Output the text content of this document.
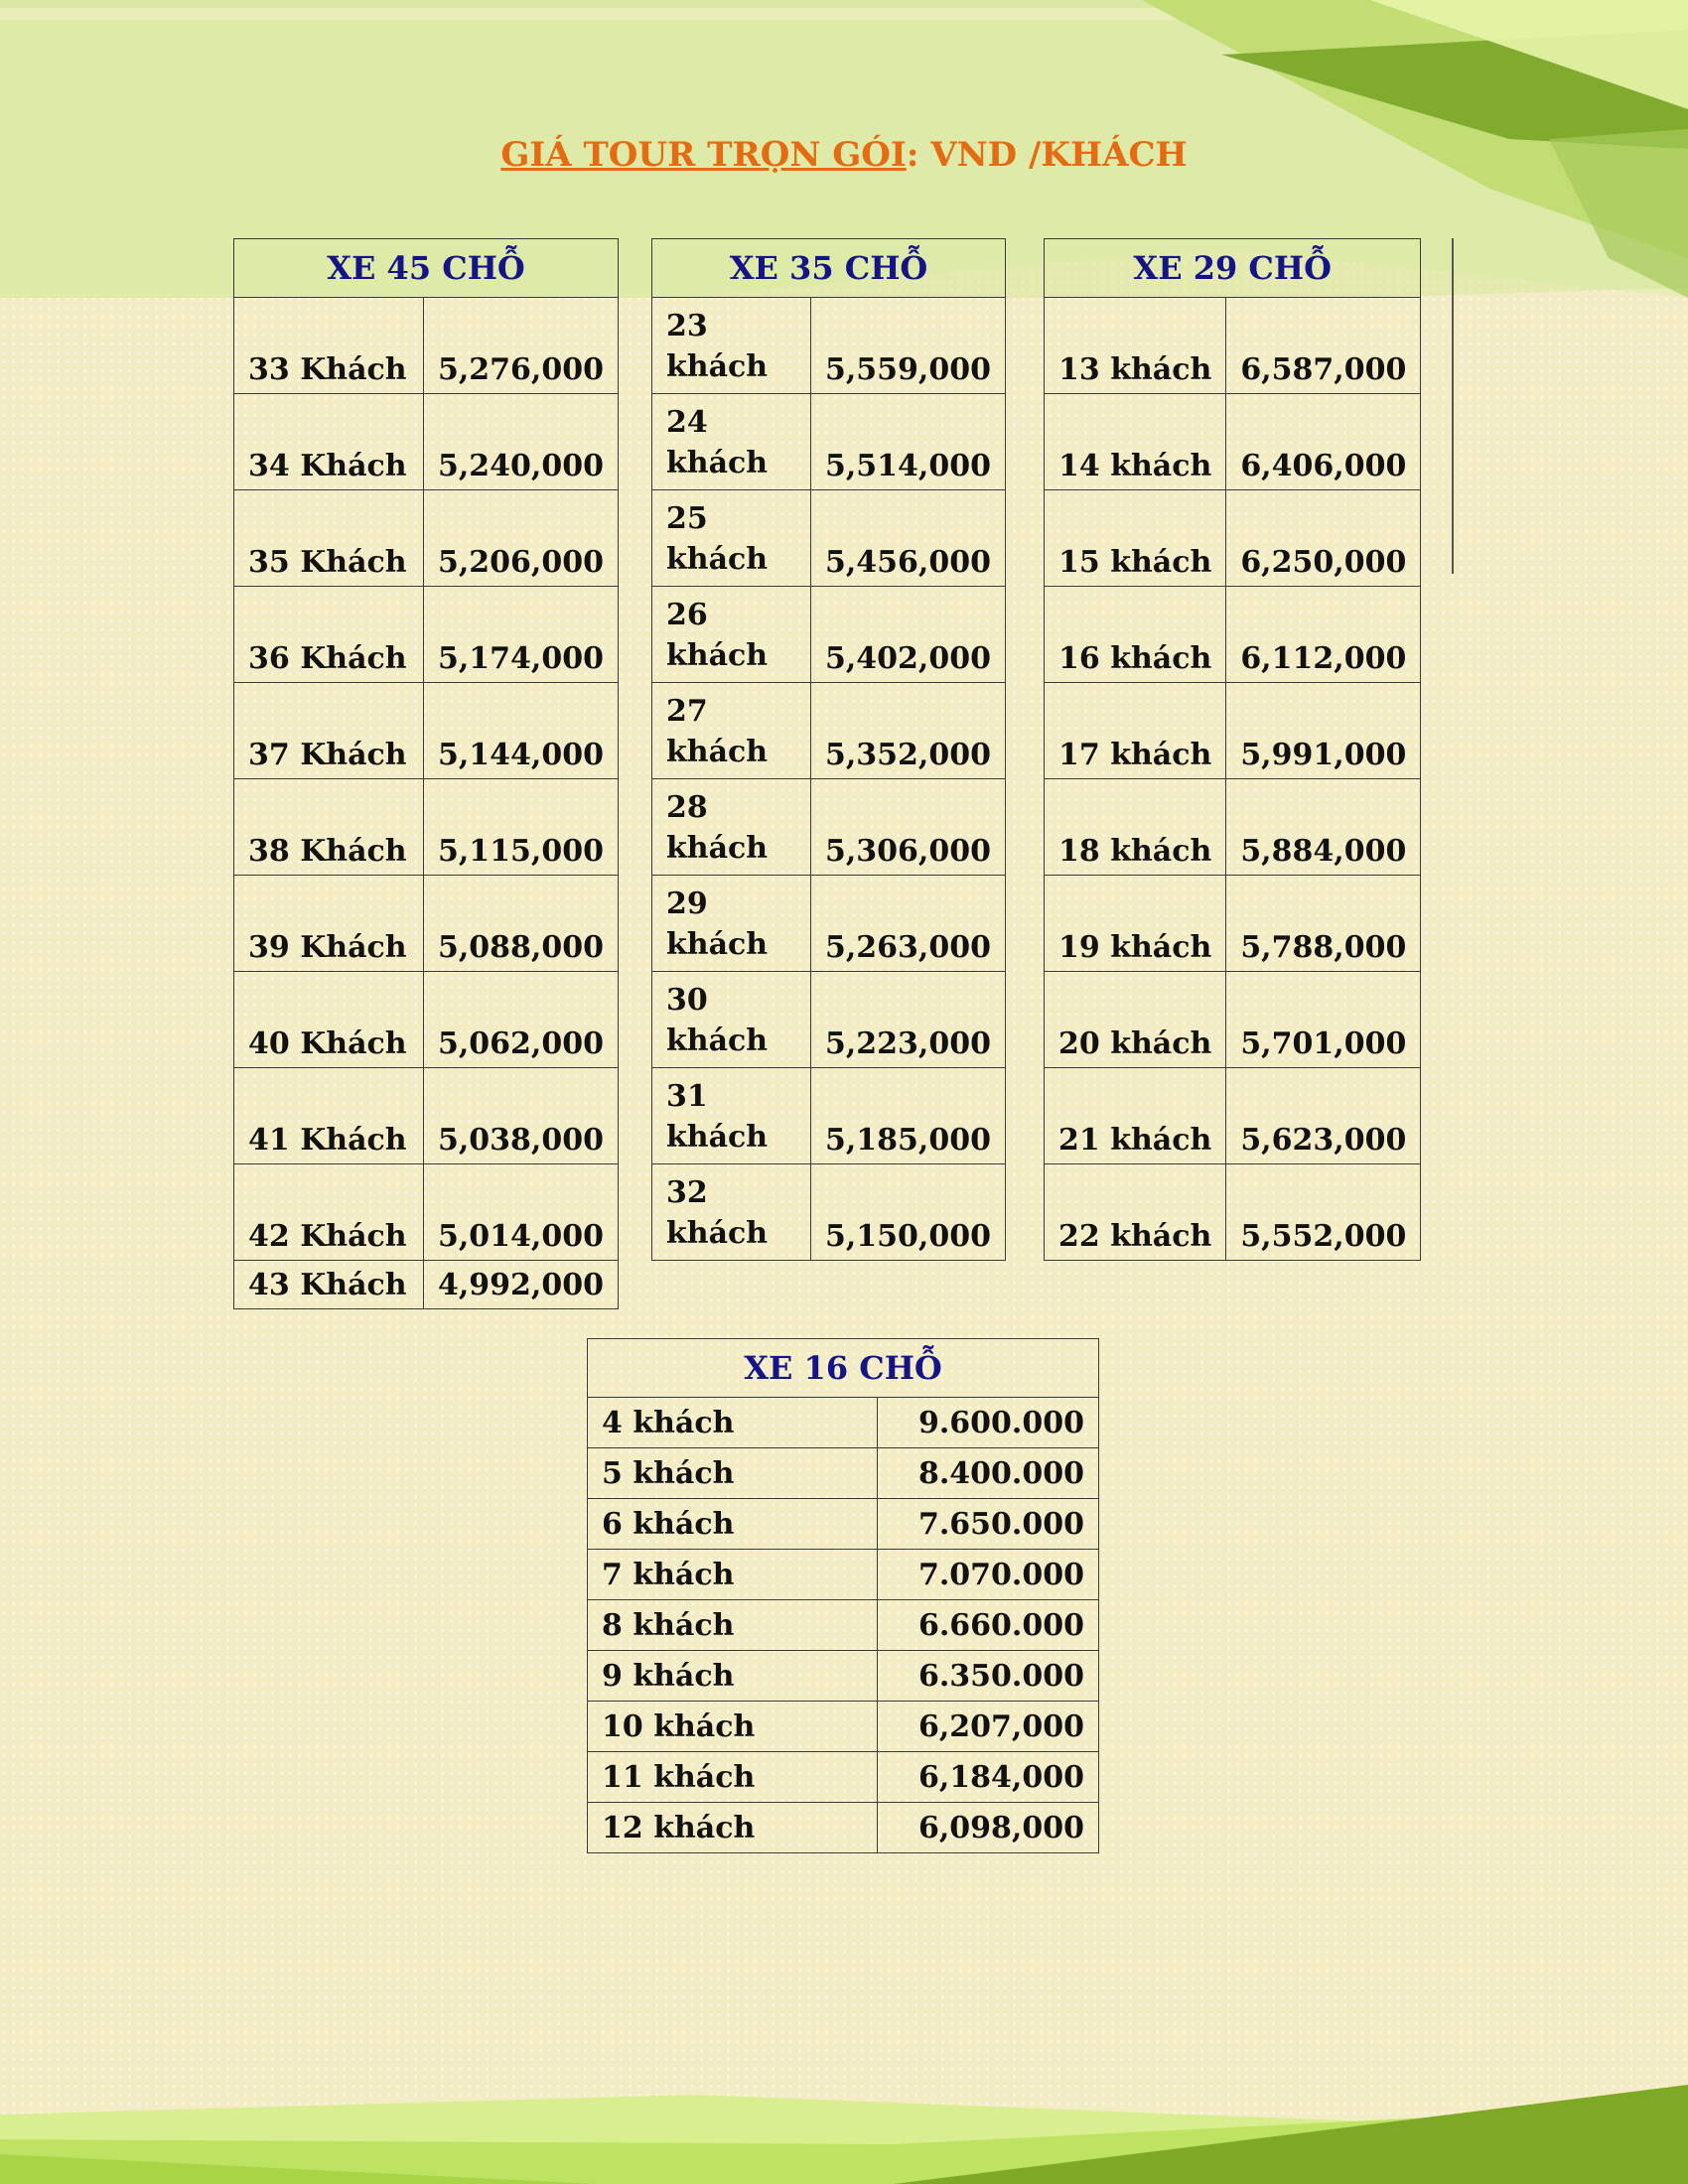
GIÁ TOUR TRỌN GÓI: VND /KHÁCH
XE 45 CHỖ	
33 Khách	5,276,000
34 Khách	5,240,000
35 Khách	5,206,000
36 Khách	5,174,000
37 Khách	5,144,000
38 Khách	5,115,000
39 Khách	5,088,000
40 Khách	5,062,000
41 Khách	5,038,000
42 Khách	5,014,000
43 Khách	4,992,000
XE 35 CHỖ	
23 khách	5,559,000
24 khách	5,514,000
25 khách	5,456,000
26 khách	5,402,000
27 khách	5,352,000
28 khách	5,306,000
29 khách	5,263,000
30 khách	5,223,000
31 khách	5,185,000
32 khách	5,150,000
XE 29 CHỖ	
13 khách	6,587,000
14 khách	6,406,000
15 khách	6,250,000
16 khách	6,112,000
17 khách	5,991,000
18 khách	5,884,000
19 khách	5,788,000
20 khách	5,701,000
21 khách	5,623,000
22 khách	5,552,000
XE 16 CHỖ	
4 khách	9.600.000
5 khách	8.400.000
6 khách	7.650.000
7 khách	7.070.000
8 khách	6.660.000
9 khách	6.350.000
10 khách	6,207,000
11 khách	6,184,000
12 khách	6,098,000
